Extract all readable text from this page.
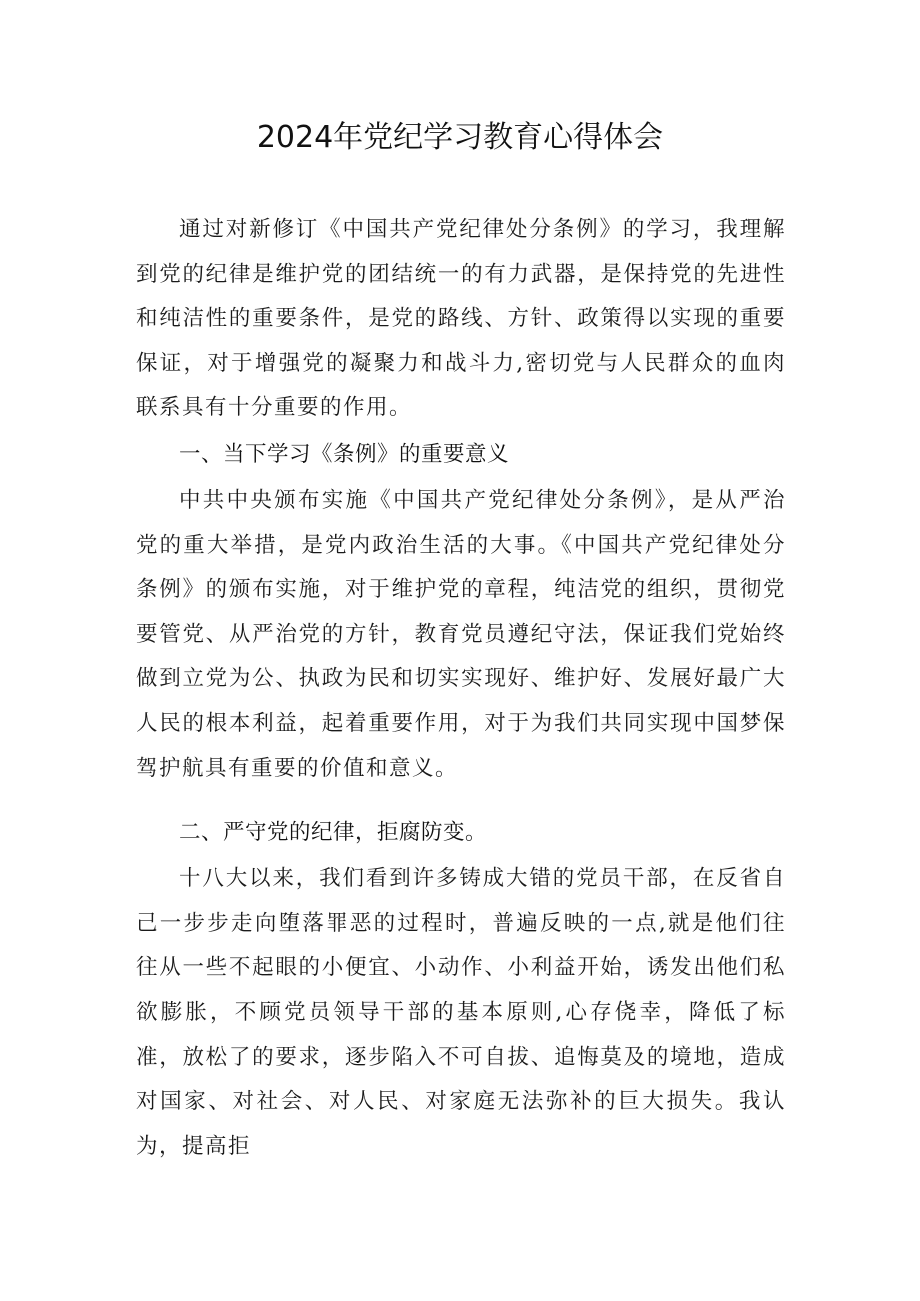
2024年党纪学习教育心得体会

通过对新修订《中国共产党纪律处分条例》的学习，我理解到党的纪律是维护党的团结统一的有力武器，是保持党的先进性和纯洁性的重要条件，是党的路线、方针、政策得以实现的重要保证，对于增强党的凝聚力和战斗力,密切党与人民群众的血肉联系具有十分重要的作用。

一、当下学习《条例》的重要意义

中共中央颁布实施《中国共产党纪律处分条例》，是从严治党的重大举措，是党内政治生活的大事。《中国共产党纪律处分条例》的颁布实施，对于维护党的章程，纯洁党的组织，贯彻党要管党、从严治党的方针，教育党员遵纪守法，保证我们党始终做到立党为公、执政为民和切实实现好、维护好、发展好最广大人民的根本利益，起着重要作用，对于为我们共同实现中国梦保驾护航具有重要的价值和意义。

二、严守党的纪律，拒腐防变。

十八大以来，我们看到许多铸成大错的党员干部，在反省自己一步步走向堕落罪恶的过程时，普遍反映的一点,就是他们往往从一些不起眼的小便宜、小动作、小利益开始，诱发出他们私欲膨胀，不顾党员领导干部的基本原则,心存侥幸，降低了标准，放松了的要求，逐步陷入不可自拔、追悔莫及的境地，造成对国家、对社会、对人民、对家庭无法弥补的巨大损失。我认为，提高拒
